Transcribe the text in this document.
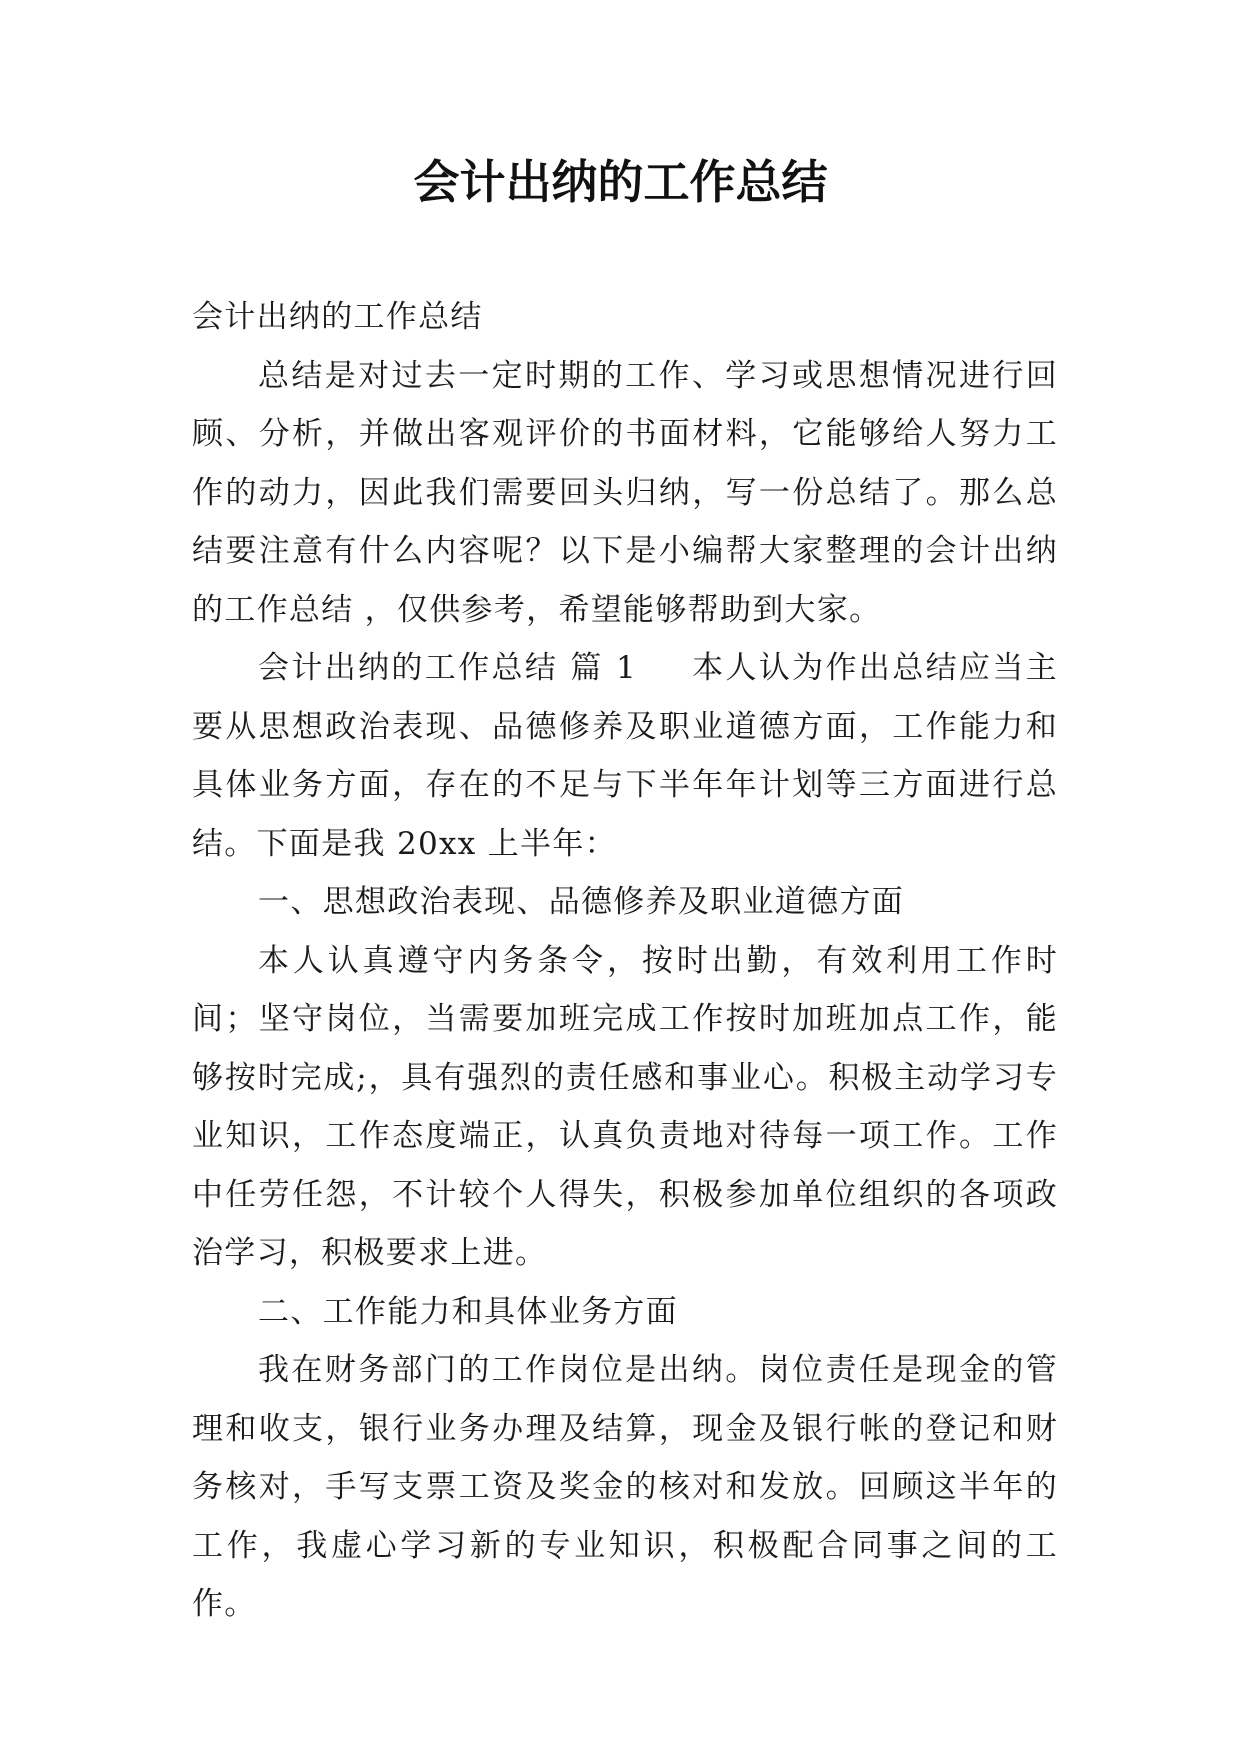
会计出纳的工作总结

会计出纳的工作总结

总结是对过去一定时期的工作、学习或思想情况进行回顾、分析，并做出客观评价的书面材料，它能够给人努力工作的动力，因此我们需要回头归纳，写一份总结了。那么总结要注意有什么内容呢？以下是小编帮大家整理的会计出纳的工作总结 ，仅供参考，希望能够帮助到大家。

会计出纳的工作总结 篇 1 本人认为作出总结应当主要从思想政治表现、品德修养及职业道德方面，工作能力和具体业务方面，存在的不足与下半年年计划等三方面进行总结。下面是我 20xx 上半年：

一、思想政治表现、品德修养及职业道德方面

本人认真遵守内务条令，按时出勤，有效利用工作时间；坚守岗位，当需要加班完成工作按时加班加点工作，能够按时完成;，具有强烈的责任感和事业心。积极主动学习专业知识，工作态度端正，认真负责地对待每一项工作。工作中任劳任怨，不计较个人得失，积极参加单位组织的各项政治学习，积极要求上进。

二、工作能力和具体业务方面

我在财务部门的工作岗位是出纳。岗位责任是现金的管理和收支，银行业务办理及结算，现金及银行帐的登记和财务核对，手写支票工资及奖金的核对和发放。回顾这半年的工作，我虚心学习新的专业知识，积极配合同事之间的工作。
